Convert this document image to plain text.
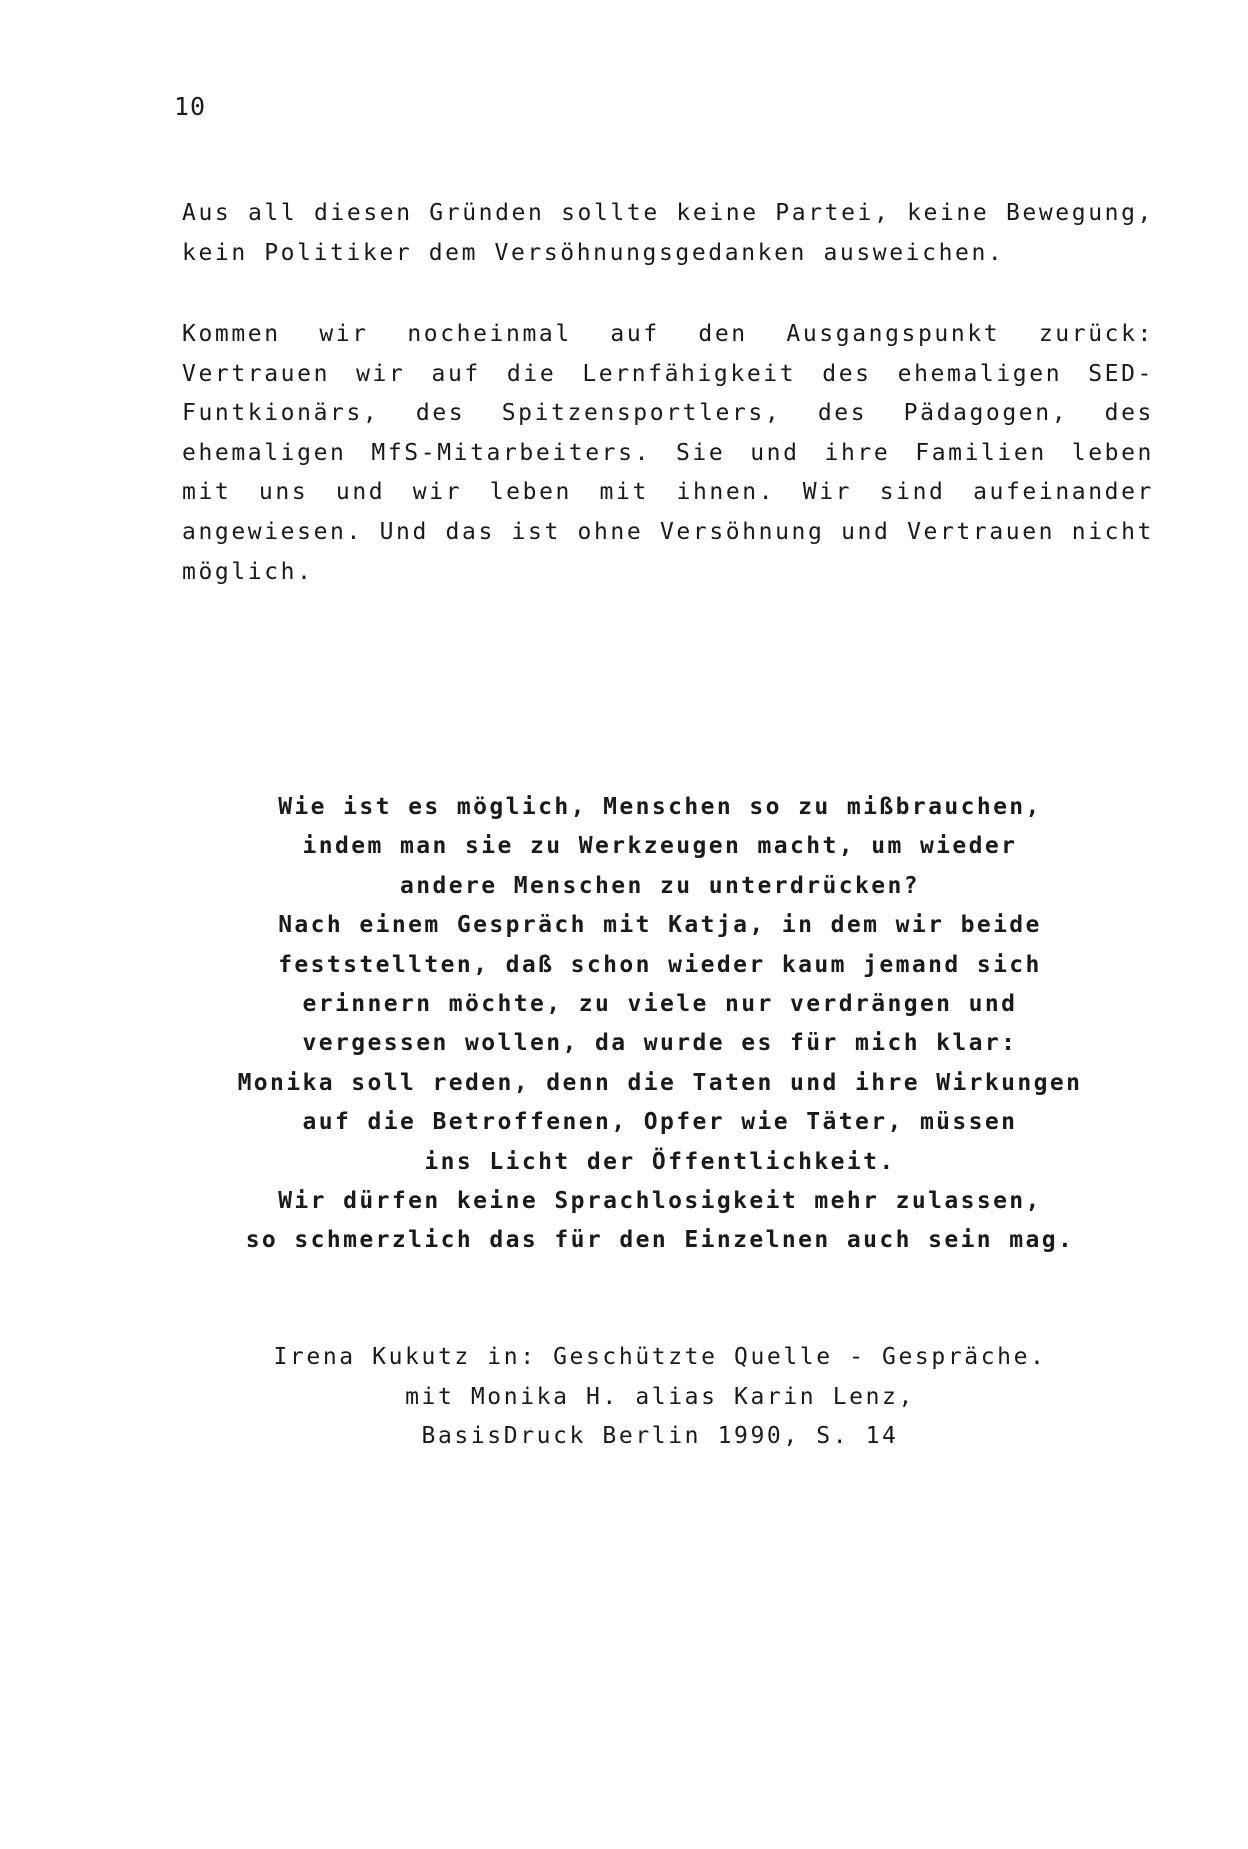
10

Aus all diesen Gründen sollte keine Partei, keine Bewegung, kein Politiker dem Versöhnungsgedanken ausweichen.

Kommen wir nocheinmal auf den Ausgangspunkt zurück: Vertrauen wir auf die Lernfähigkeit des ehemaligen SED-Funtkionärs, des Spitzensportlers, des Pädagogen, des ehemaligen MfS-Mitarbeiters. Sie und ihre Familien leben mit uns und wir leben mit ihnen. Wir sind aufeinander angewiesen. Und das ist ohne Versöhnung und Vertrauen nicht möglich.

Wie ist es möglich, Menschen so zu mißbrauchen,
indem man sie zu Werkzeugen macht, um wieder
andere Menschen zu unterdrücken?
Nach einem Gespräch mit Katja, in dem wir beide
feststellten, daß schon wieder kaum jemand sich
erinnern möchte, zu viele nur verdrängen und
vergessen wollen, da wurde es für mich klar:
Monika soll reden, denn die Taten und ihre Wirkungen
auf die Betroffenen, Opfer wie Täter, müssen
ins Licht der Öffentlichkeit.
Wir dürfen keine Sprachlosigkeit mehr zulassen,
so schmerzlich das für den Einzelnen auch sein mag.
Irena Kukutz in: Geschützte Quelle - Gespräche.
mit Monika H. alias Karin Lenz,
BasisDruck Berlin 1990, S. 14
